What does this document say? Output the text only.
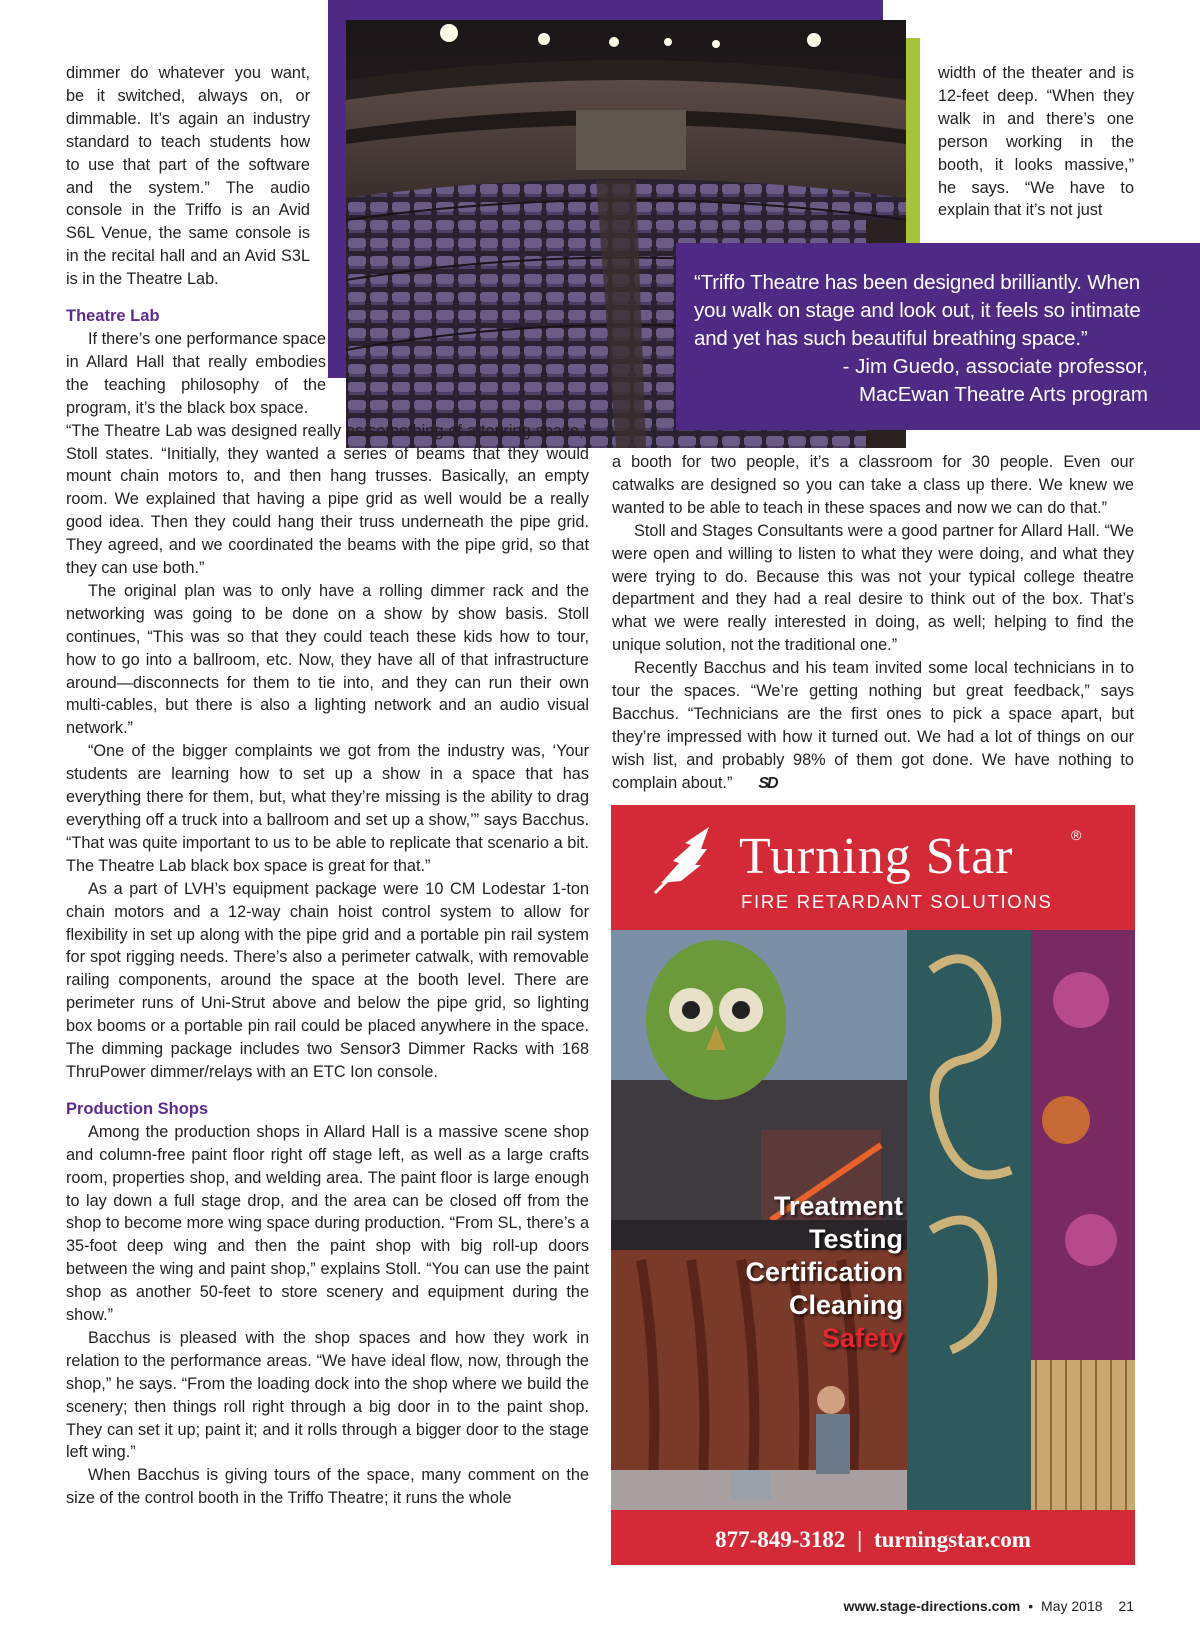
width of the theater and is 12-feet deep. “When they walk in and there’s one person working in the booth, it looks massive,” he says. “We have to explain that it’s not just

“Triffo Theatre has been designed brilliantly. When you walk on stage and look out, it feels so intimate and yet has such beautiful breathing space.”
- Jim Guedo, associate professor,
MacEwan Theatre Arts program

dimmer do whatever you want, be it switched, always on, or dimmable. It’s again an industry standard to teach students how to use that part of the software and the system.” The audio console in the Triffo is an Avid S6L Venue, the same console is in the recital hall and an Avid S3L is in the Theatre Lab.

Theatre Lab

If there’s one performance space in Allard Hall that really embodies the teaching philosophy of the program, it’s the black box space.

“The Theatre Lab was designed really as something of a touring space,” Stoll states. “Initially, they wanted a series of beams that they would mount chain motors to, and then hang trusses. Basically, an empty room. We explained that having a pipe grid as well would be a really good idea. Then they could hang their truss underneath the pipe grid. They agreed, and we coordinated the beams with the pipe grid, so that they can use both.”

The original plan was to only have a rolling dimmer rack and the networking was going to be done on a show by show basis. Stoll continues, “This was so that they could teach these kids how to tour, how to go into a ballroom, etc. Now, they have all of that infrastructure around—disconnects for them to tie into, and they can run their own multi-cables, but there is also a lighting network and an audio visual network.”

“One of the bigger complaints we got from the industry was, ‘Your students are learning how to set up a show in a space that has everything there for them, but, what they’re missing is the ability to drag everything off a truck into a ballroom and set up a show,’” says Bacchus. “That was quite important to us to be able to replicate that scenario a bit. The Theatre Lab black box space is great for that.”

As a part of LVH’s equipment package were 10 CM Lodestar 1-ton chain motors and a 12-way chain hoist control system to allow for flexibility in set up along with the pipe grid and a portable pin rail system for spot rigging needs. There’s also a perimeter catwalk, with removable railing components, around the space at the booth level. There are perimeter runs of Uni-Strut above and below the pipe grid, so lighting box booms or a portable pin rail could be placed anywhere in the space. The dimming package includes two Sensor3 Dimmer Racks with 168 ThruPower dimmer/relays with an ETC Ion console.

Production Shops

Among the production shops in Allard Hall is a massive scene shop and column-free paint floor right off stage left, as well as a large crafts room, properties shop, and welding area. The paint floor is large enough to lay down a full stage drop, and the area can be closed off from the shop to become more wing space during production. “From SL, there’s a 35-foot deep wing and then the paint shop with big roll-up doors between the wing and paint shop,” explains Stoll. “You can use the paint shop as another 50-feet to store scenery and equipment during the show.”

Bacchus is pleased with the shop spaces and how they work in relation to the performance areas. “We have ideal flow, now, through the shop,” he says. “From the loading dock into the shop where we build the scenery; then things roll right through a big door in to the paint shop. They can set it up; paint it; and it rolls through a bigger door to the stage left wing.”

When Bacchus is giving tours of the space, many comment on the size of the control booth in the Triffo Theatre; it runs the whole

a booth for two people, it’s a classroom for 30 people. Even our catwalks are designed so you can take a class up there. We knew we wanted to be able to teach in these spaces and now we can do that.”

Stoll and Stages Consultants were a good partner for Allard Hall. “We were open and willing to listen to what they were doing, and what they were trying to do. Because this was not your typical college theatre department and they had a real desire to think out of the box. That’s what we were really interested in doing, as well; helping to find the unique solution, not the traditional one.”

Recently Bacchus and his team invited some local technicians in to tour the spaces. “We’re getting nothing but great feedback,” says Bacchus. “Technicians are the first ones to pick a space apart, but they’re impressed with how it turned out. We had a lot of things on our wish list, and probably 98% of them got done. We have nothing to complain about.” SD

Turning Star	®
FIRE RETARDANT SOLUTIONS
Treatment
Testing
Certification
Cleaning
Safety
877-849-3182 | turningstar.com
www.stage-directions.com • May 2018 21
